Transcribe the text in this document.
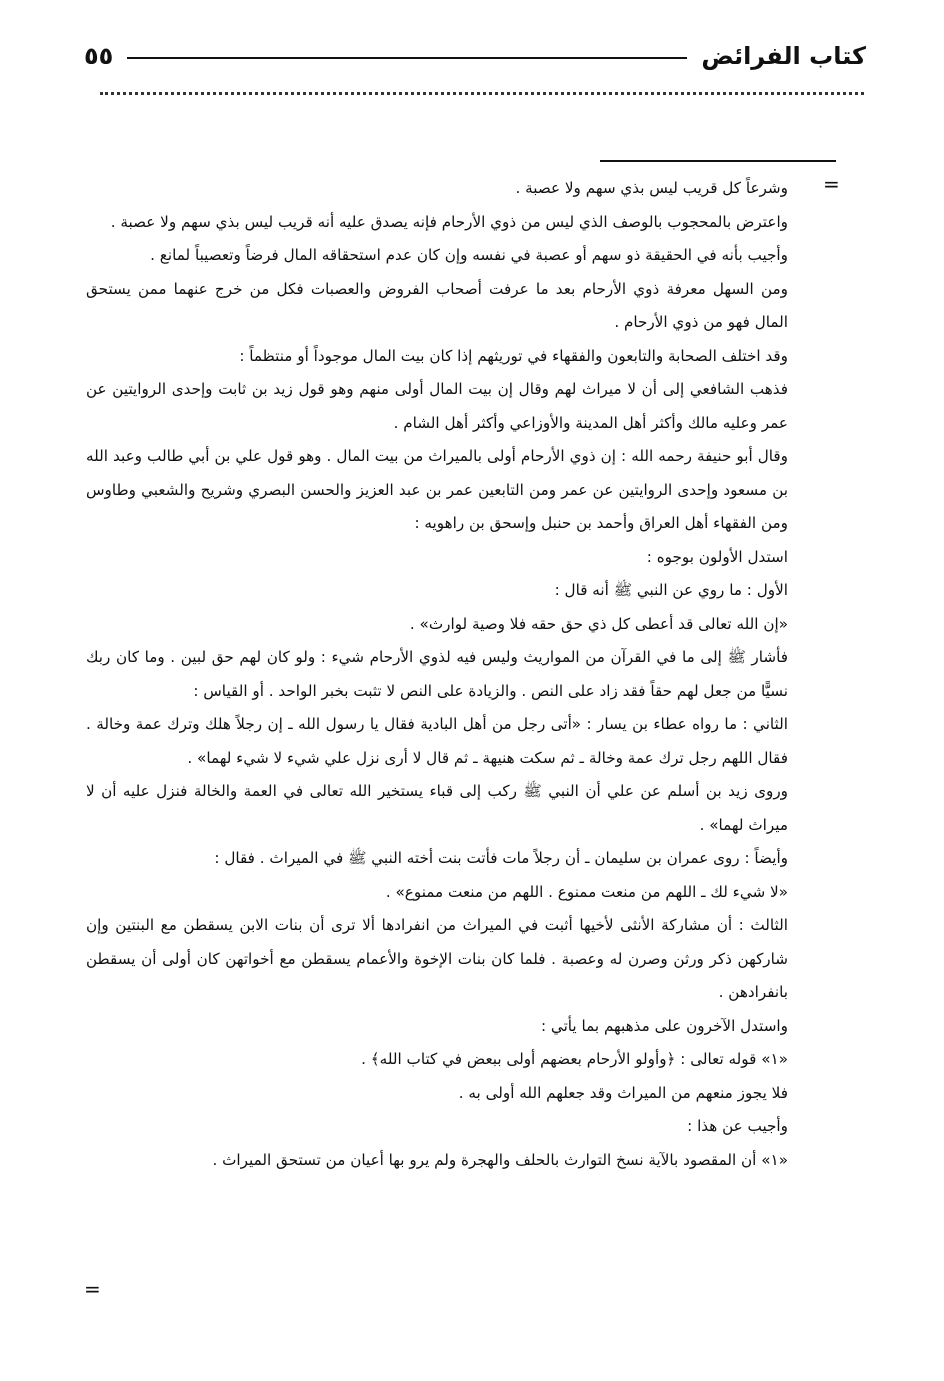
٥٥	كتاب الفرائض
=
=

وشرعاً كل قريب ليس بذي سهم ولا عصبة .

واعترض بالمحجوب بالوصف الذي ليس من ذوي الأرحام فإنه يصدق عليه أنه قريب ليس بذي سهم ولا عصبة .

وأجيب بأنه في الحقيقة ذو سهم أو عصبة في نفسه وإن كان عدم استحقاقه المال فرضاً وتعصيباً لمانع .

ومن السهل معرفة ذوي الأرحام بعد ما عرفت أصحاب الفروض والعصبات فكل من خرج عنهما ممن يستحق المال فهو من ذوي الأرحام .

وقد اختلف الصحابة والتابعون والفقهاء في توريثهم إذا كان بيت المال موجوداً أو منتظماً :

فذهب الشافعي إلى أن لا ميراث لهم وقال إن بيت المال أولى منهم وهو قول زيد بن ثابت وإحدى الروايتين عن عمر وعليه مالك وأكثر أهل المدينة والأوزاعي وأكثر أهل الشام .

وقال أبو حنيفة رحمه الله : إن ذوي الأرحام أولى بالميراث من بيت المال . وهو قول علي بن أبي طالب وعبد الله بن مسعود وإحدى الروايتين عن عمر ومن التابعين عمر بن عبد العزيز والحسن البصري وشريح والشعبي وطاوس ومن الفقهاء أهل العراق وأحمد بن حنبل وإسحق بن راهويه :

استدل الأولون بوجوه :

الأول : ما روي عن النبي ﷺ أنه قال :

«إن الله تعالى قد أعطى كل ذي حق حقه فلا وصية لوارث» .

فأشار ﷺ إلى ما في القرآن من المواريث وليس فيه لذوي الأرحام شيء : ولو كان لهم حق لبين . وما كان ربك نسيًّا من جعل لهم حقاً فقد زاد على النص . والزيادة على النص لا تثبت بخبر الواحد . أو القياس :

الثاني : ما رواه عطاء بن يسار : «أتى رجل من أهل البادية فقال يا رسول الله ـ إن رجلاً هلك وترك عمة وخالة . فقال اللهم رجل ترك عمة وخالة ـ ثم سكت هنيهة ـ ثم قال لا أرى نزل علي شيء لا شيء لهما» .

وروى زيد بن أسلم عن علي أن النبي ﷺ ركب إلى قباء يستخير الله تعالى في العمة والخالة فنزل عليه أن لا ميراث لهما» .

وأيضاً : روى عمران بن سليمان ـ أن رجلاً مات فأتت بنت أخته النبي ﷺ في الميراث . فقال :

«لا شيء لك ـ اللهم من منعت ممنوع . اللهم من منعت ممنوع» .

الثالث : أن مشاركة الأنثى لأخيها أثبت في الميراث من انفرادها ألا ترى أن بنات الابن يسقطن مع البنتين وإن شاركهن ذكر ورثن وصرن له وعصبة . فلما كان بنات الإخوة والأعمام يسقطن مع أخواتهن كان أولى أن يسقطن بانفرادهن .

واستدل الآخرون على مذهبهم بما يأتي :

«١» قوله تعالى : ﴿وأولو الأرحام بعضهم أولى ببعض في كتاب الله﴾ .

فلا يجوز منعهم من الميراث وقد جعلهم الله أولى به .

وأجيب عن هذا :

«١» أن المقصود بالآية نسخ التوارث بالحلف والهجرة ولم يرو بها أعيان من تستحق الميراث .
